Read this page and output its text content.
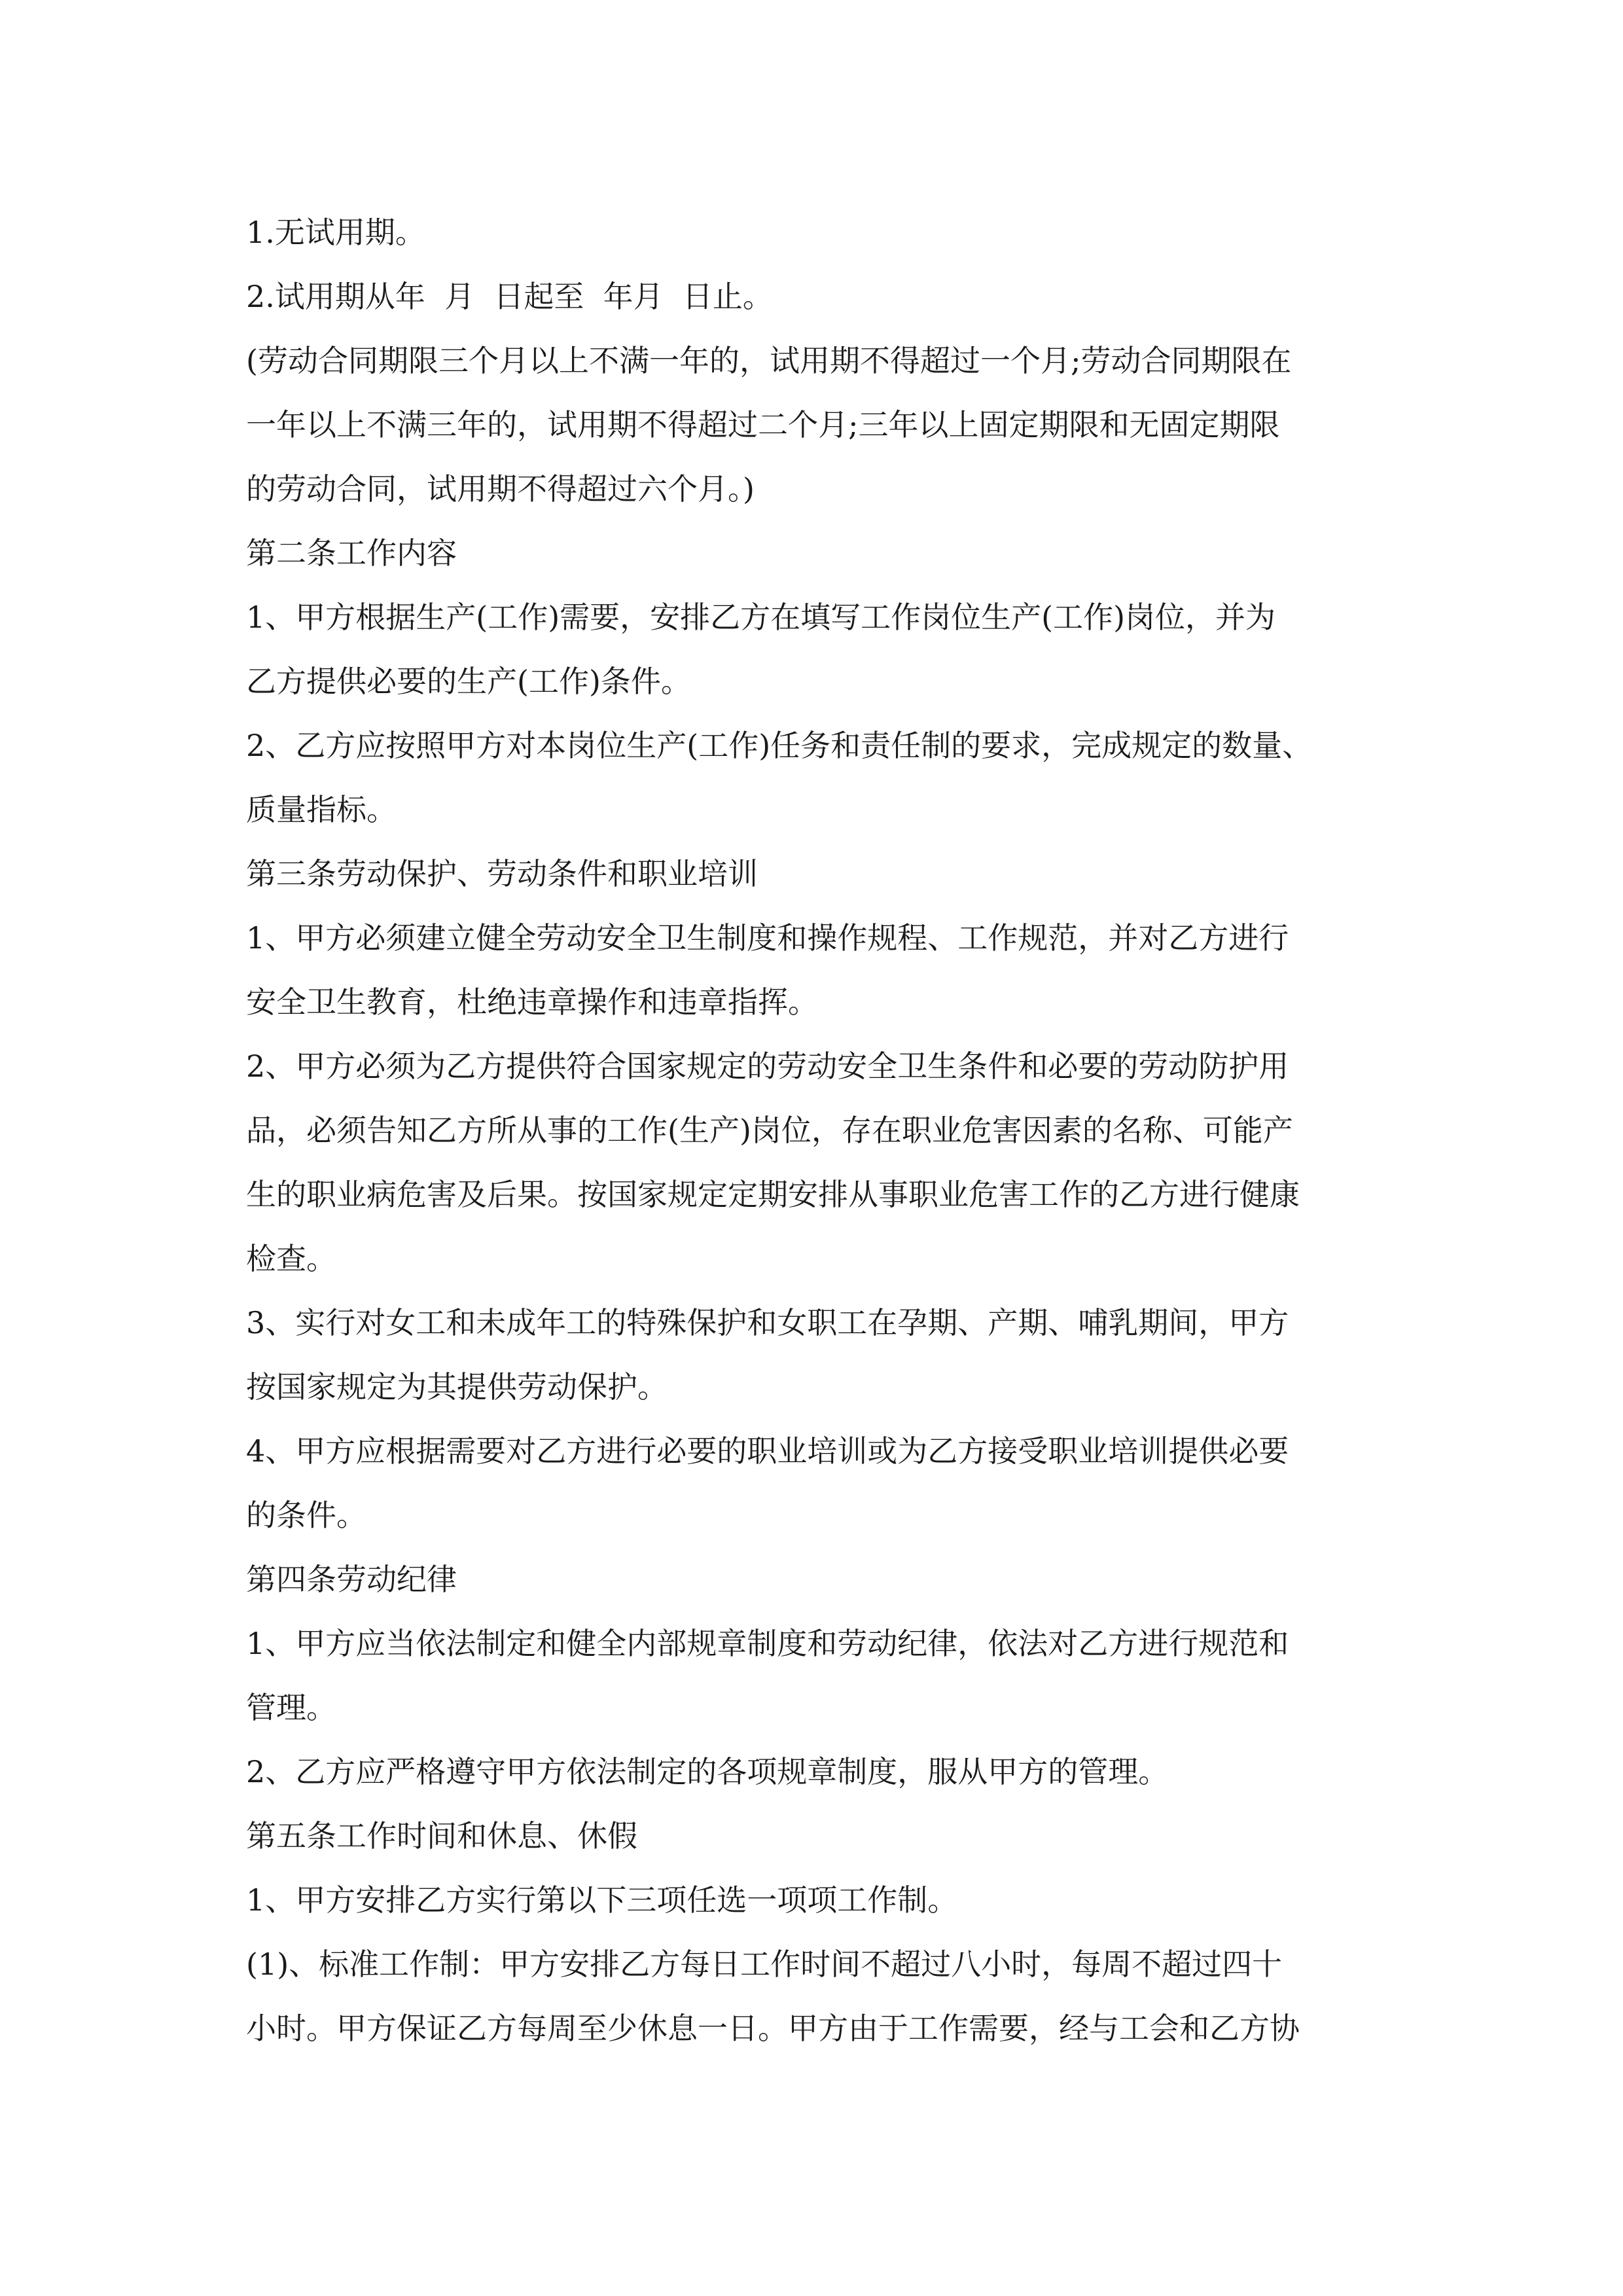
1.无试用期。

2.试用期从年  月  日起至  年月  日止。

(劳动合同期限三个月以上不满一年的，试用期不得超过一个月;劳动合同期限在

一年以上不满三年的，试用期不得超过二个月;三年以上固定期限和无固定期限

的劳动合同，试用期不得超过六个月。)

第二条工作内容

1、甲方根据生产(工作)需要，安排乙方在填写工作岗位生产(工作)岗位，并为

乙方提供必要的生产(工作)条件。

2、乙方应按照甲方对本岗位生产(工作)任务和责任制的要求，完成规定的数量、

质量指标。

第三条劳动保护、劳动条件和职业培训

1、甲方必须建立健全劳动安全卫生制度和操作规程、工作规范，并对乙方进行

安全卫生教育，杜绝违章操作和违章指挥。

2、甲方必须为乙方提供符合国家规定的劳动安全卫生条件和必要的劳动防护用

品，必须告知乙方所从事的工作(生产)岗位，存在职业危害因素的名称、可能产

生的职业病危害及后果。按国家规定定期安排从事职业危害工作的乙方进行健康

检查。

3、实行对女工和未成年工的特殊保护和女职工在孕期、产期、哺乳期间，甲方

按国家规定为其提供劳动保护。

4、甲方应根据需要对乙方进行必要的职业培训或为乙方接受职业培训提供必要

的条件。

第四条劳动纪律

1、甲方应当依法制定和健全内部规章制度和劳动纪律，依法对乙方进行规范和

管理。

2、乙方应严格遵守甲方依法制定的各项规章制度，服从甲方的管理。

第五条工作时间和休息、休假

1、甲方安排乙方实行第以下三项任选一项项工作制。

(1)、标准工作制：甲方安排乙方每日工作时间不超过八小时，每周不超过四十

小时。甲方保证乙方每周至少休息一日。甲方由于工作需要，经与工会和乙方协
